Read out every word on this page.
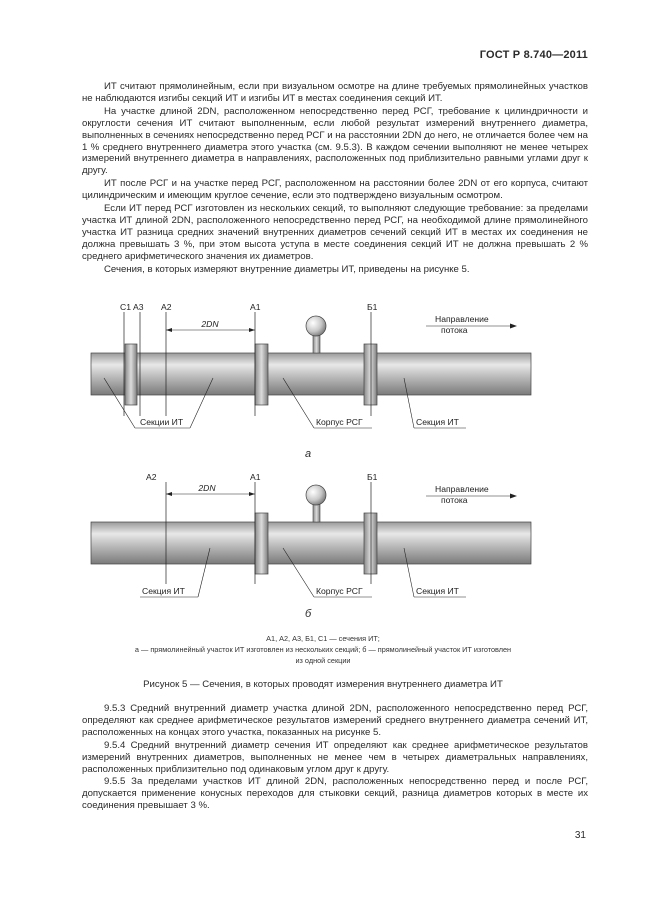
ГОСТ Р 8.740—2011

ИТ считают прямолинейным, если при визуальном осмотре на длине требуемых прямолинейных участков не наблюдаются изгибы секций ИТ и изгибы ИТ в местах соединения секций ИТ.

На участке длиной 2DN, расположенном непосредственно перед РСГ, требование к цилиндричности и округлости сечения ИТ считают выполненным, если любой результат измерений внутреннего диаметра, выполненных в сечениях непосредственно перед РСГ и на расстоянии 2DN до него, не отличается более чем на 1 % среднего внутреннего диаметра этого участка (см. 9.5.3). В каждом сечении выполняют не менее четырех измерений внутреннего диаметра в направлениях, расположенных под приблизительно равными углами друг к другу.

ИТ после РСГ и на участке перед РСГ, расположенном на расстоянии более 2DN от его корпуса, считают цилиндрическим и имеющим круглое сечение, если это подтверждено визуальным осмотром.

Если ИТ перед РСГ изготовлен из нескольких секций, то выполняют следующие требование: за пределами участка ИТ длиной 2DN, расположенного непосредственно перед РСГ, на необходимой длине прямолинейного участка ИТ разница средних значений внутренних диаметров сечений секций ИТ в местах их соединения не должна превышать 3 %, при этом высота уступа в месте соединения секций ИТ не должна превышать 2 % среднего арифметического значения их диаметров.

Сечения, в которых измеряют внутренние диаметры ИТ, приведены на рисунке 5.

2DN
С1 А3 А2	А1	Б1
Направление
потока
Секции ИТ	Корпус РСГ	Секция ИТ
а
2DN
А2	А1	Б1
Направление
потока
Секция ИТ	Корпус РСГ	Секция ИТ
б
А1, А2, А3, Б1, С1 — сечения ИТ;
а — прямолинейный участок ИТ изготовлен из нескольких секций; б — прямолинейный участок ИТ изготовлен
из одной секции
Рисунок 5 — Сечения, в которых проводят измерения внутреннего диаметра ИТ

9.5.3 Средний внутренний диаметр участка длиной 2DN, расположенного непосредственно перед РСГ, определяют как среднее арифметическое результатов измерений среднего внутреннего диаметра сечений ИТ, расположенных на концах этого участка, показанных на рисунке 5.

9.5.4 Средний внутренний диаметр сечения ИТ определяют как среднее арифметическое результатов измерений внутренних диаметров, выполненных не менее чем в четырех диаметральных направлениях, расположенных приблизительно под одинаковым углом друг к другу.

9.5.5 За пределами участков ИТ длиной 2DN, расположенных непосредственно перед и после РСГ, допускается применение конусных переходов для стыковки секций, разница диаметров которых в месте их соединения превышает 3 %.

31
